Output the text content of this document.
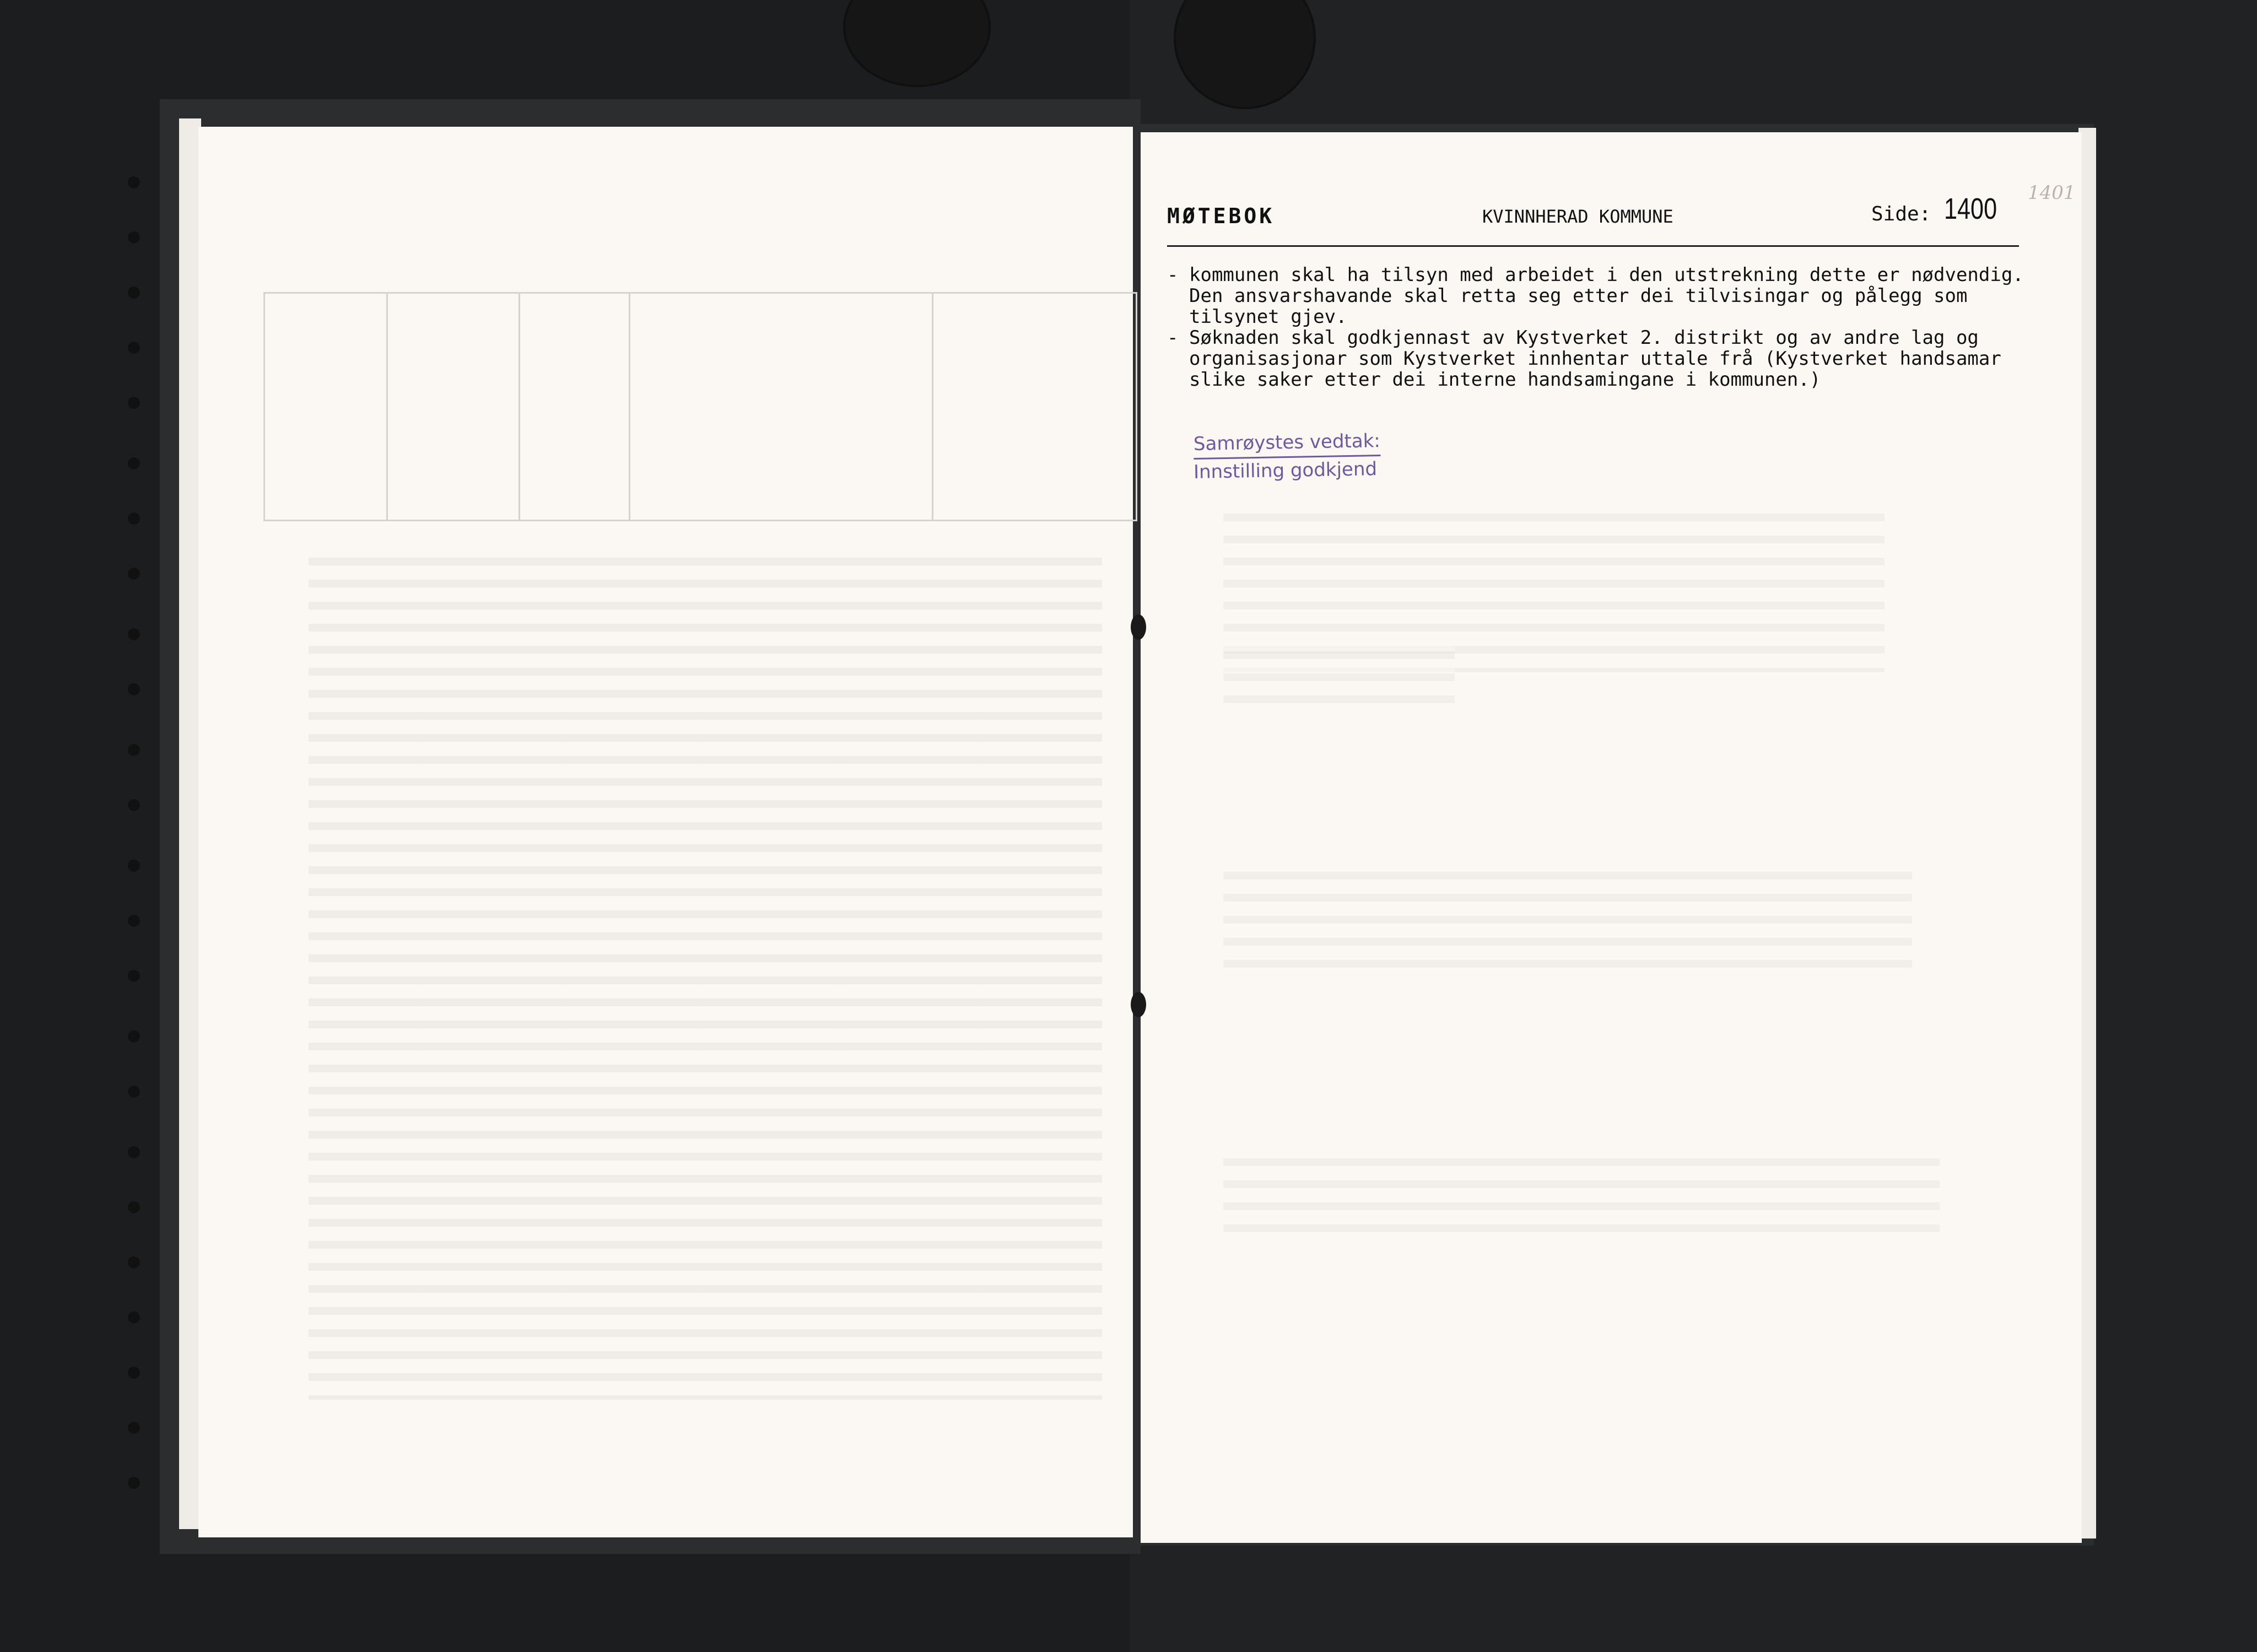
MØTEBOK	KVINNHERAD KOMMUNE	Side: 1400 1401
- kommunen skal ha tilsyn med arbeidet i den utstrekning dette er nødvendig. Den ansvarshavande skal retta seg etter dei tilvisingar og pålegg som tilsynet gjev.
- Søknaden skal godkjennast av Kystverket 2. distrikt og av andre lag og organisasjonar som Kystverket innhentar uttale frå (Kystverket handsamar slike saker etter dei interne handsamingane i kommunen.)
Samrøystes vedtak:
Innstilling godkjend
